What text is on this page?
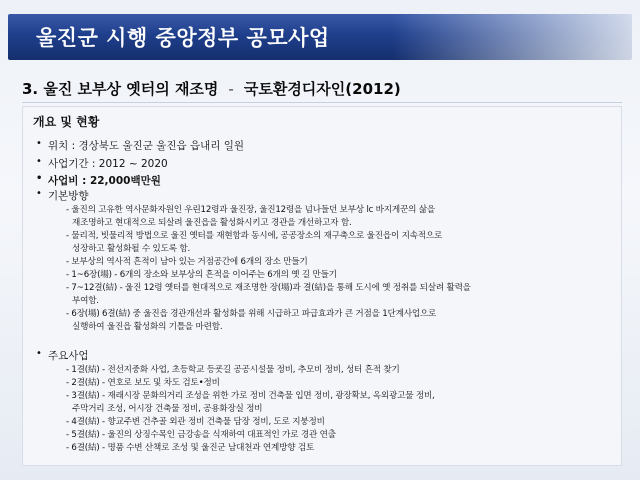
울진군 시행 중앙정부 공모사업
3. 울진 보부상 옛터의 재조명 - 국토환경디자인(2012)
개요 및 현황
• 위치 : 경상북도 울진군 울진읍 읍내리 일원
• 사업기간 : 2012 ~ 2020
• 사업비 : 22,000백만원
• 기본방향
- 울진의 고유한 역사문화자원인 우린12령과 울진장, 울진12령을 넘나들던 보부상 lc 바지게꾼의 삶을
재조명하고 현대적으로 되살려 울진읍을 활성화시키고 경관을 개선하고자 함.
- 물리적, 빗물리적 방법으로 울진 옛터를 재현함과 동시에, 공공장소의 재구축으로 울진읍이 지속적으로
성장하고 활성화될 수 있도록 함.
- 보부상의 역사적 흔적이 남아 있는 거점공간에 6개의 장소 만들기
- 1~6장(場) - 6개의 장소와 보부상의 흔적을 이어주는 6개의 옛 길 만들기
- 7~12결(結) - 울진 12령 옛터를 현대적으로 재조명한 장(場)과 결(結)을 통해 도시에 옛 정취를 되살려 활력을
부여함.
- 6장(場) 6결(結) 중 울진읍 경관개선과 활성화를 위해 시급하고 파급효과가 큰 거점을 1단계사업으로
실행하여 울진읍 활성화의 기틀을 마련함.
• 주요사업
- 1결(結) - 전선지중화 사업, 초등학교 등굣길 공공시설물 정비, 추모비 정비, 성터 흔적 찾기
- 2결(結) - 연호로 보도 및 차도 검토•정비
- 3결(結) - 재래시장 문화의거리 조성을 위한 가로 정비 건축물 입면 정비, 광장확보, 옥외광고물 정비,
주막거리 조성, 어시장 건축물 정비, 공용화장실 정비
- 4결(結) - 향교주변 건추골 외관 정비 건축물 담장 정비, 도로 지붕정비
- 5결(結) - 울진의 상징수목인 금강송을 식재하여 대표적인 가로 경관 연출
- 6결(結) - 명품 수변 산책로 조성 및 울진군 남대천과 연계방향 검토
